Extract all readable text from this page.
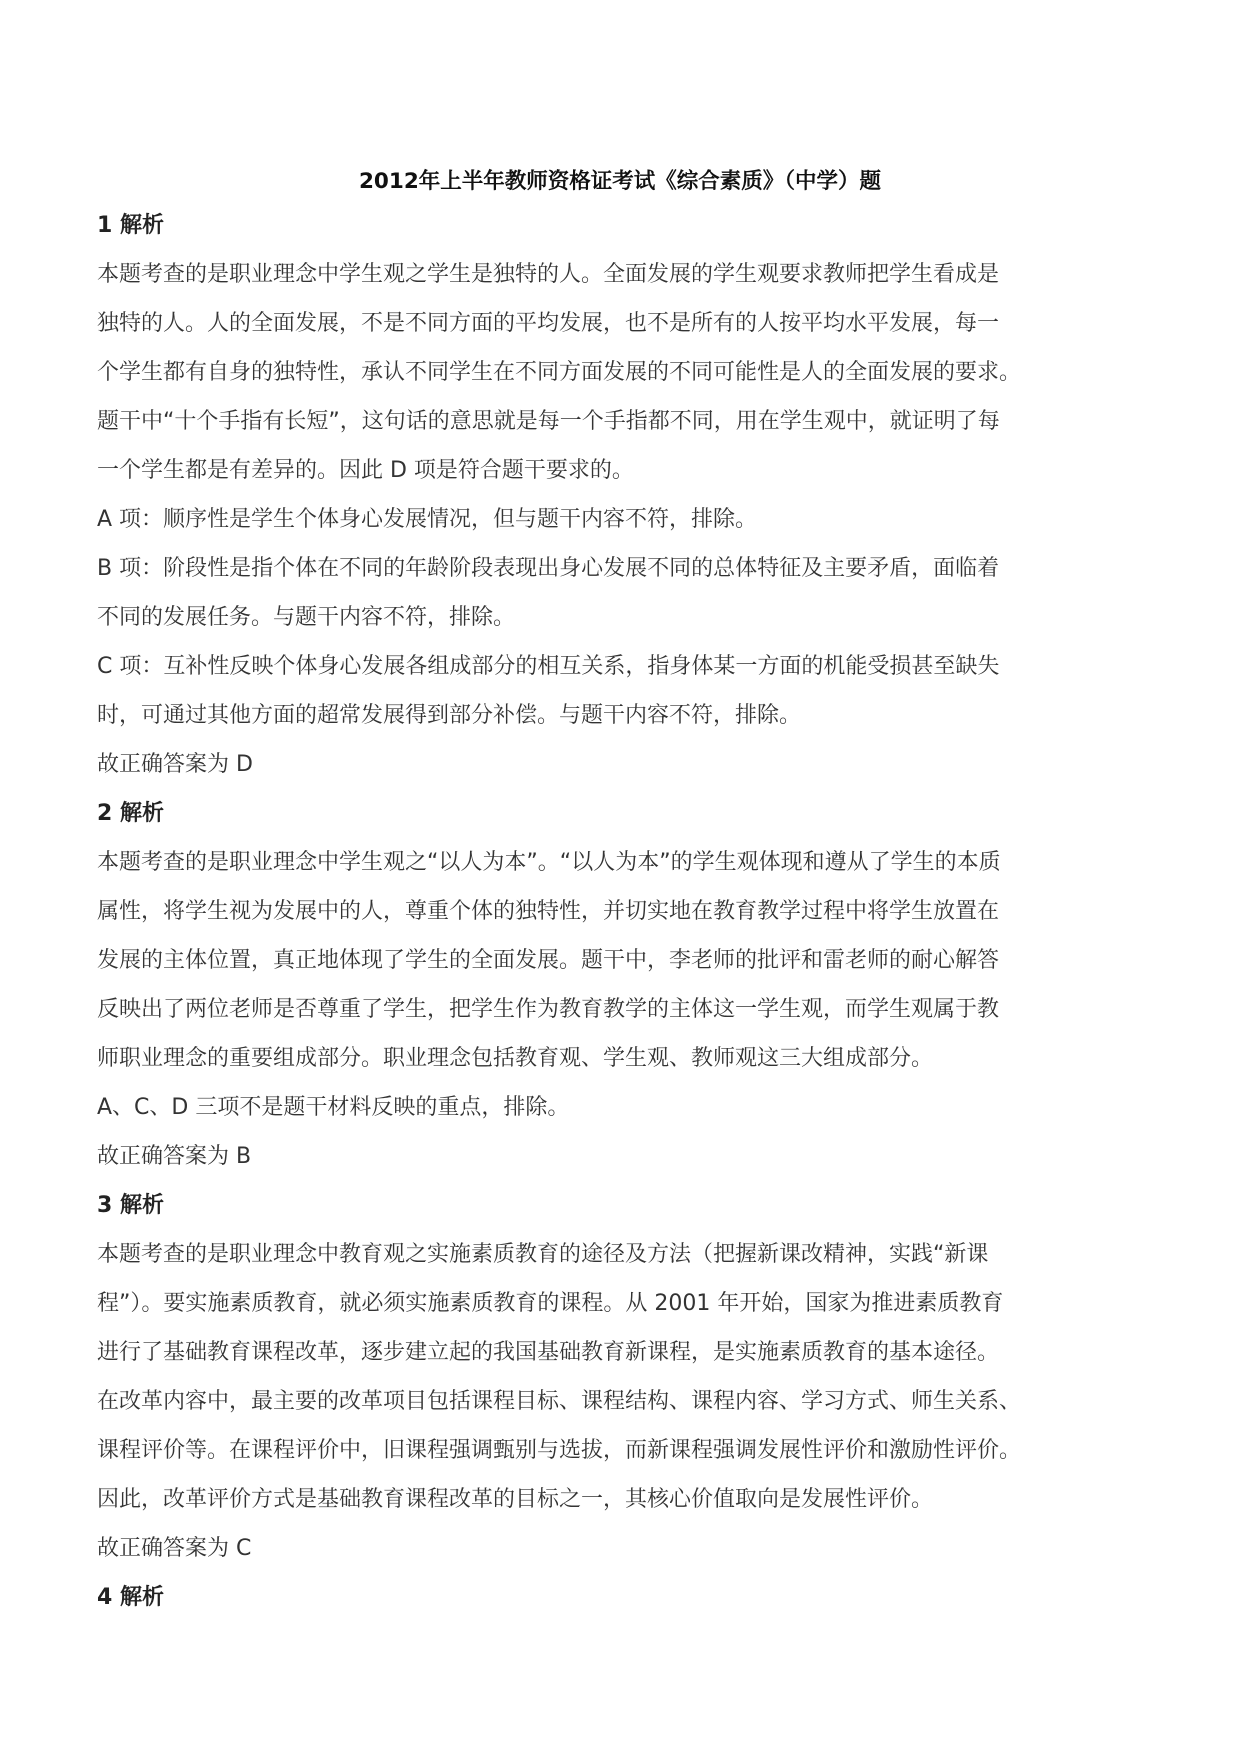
2012年上半年教师资格证考试《综合素质》（中学）题
1 解析
本题考查的是职业理念中学生观之学生是独特的人。全面发展的学生观要求教师把学生看成是
独特的人。人的全面发展，不是不同方面的平均发展，也不是所有的人按平均水平发展，每一
个学生都有自身的独特性，承认不同学生在不同方面发展的不同可能性是人的全面发展的要求。
题干中“十个手指有长短”，这句话的意思就是每一个手指都不同，用在学生观中，就证明了每
一个学生都是有差异的。因此 D 项是符合题干要求的。
A 项：顺序性是学生个体身心发展情况，但与题干内容不符，排除。
B 项：阶段性是指个体在不同的年龄阶段表现出身心发展不同的总体特征及主要矛盾，面临着
不同的发展任务。与题干内容不符，排除。
C 项：互补性反映个体身心发展各组成部分的相互关系，指身体某一方面的机能受损甚至缺失
时，可通过其他方面的超常发展得到部分补偿。与题干内容不符，排除。
故正确答案为 D
2 解析
本题考查的是职业理念中学生观之“以人为本”。“以人为本”的学生观体现和遵从了学生的本质
属性，将学生视为发展中的人，尊重个体的独特性，并切实地在教育教学过程中将学生放置在
发展的主体位置，真正地体现了学生的全面发展。题干中，李老师的批评和雷老师的耐心解答
反映出了两位老师是否尊重了学生，把学生作为教育教学的主体这一学生观，而学生观属于教
师职业理念的重要组成部分。职业理念包括教育观、学生观、教师观这三大组成部分。
A、C、D 三项不是题干材料反映的重点，排除。
故正确答案为 B
3 解析
本题考查的是职业理念中教育观之实施素质教育的途径及方法（把握新课改精神，实践“新课
程”）。要实施素质教育，就必须实施素质教育的课程。从 2001 年开始，国家为推进素质教育
进行了基础教育课程改革，逐步建立起的我国基础教育新课程，是实施素质教育的基本途径。
在改革内容中，最主要的改革项目包括课程目标、课程结构、课程内容、学习方式、师生关系、
课程评价等。在课程评价中，旧课程强调甄别与选拔，而新课程强调发展性评价和激励性评价。
因此，改革评价方式是基础教育课程改革的目标之一，其核心价值取向是发展性评价。
故正确答案为 C
4 解析
